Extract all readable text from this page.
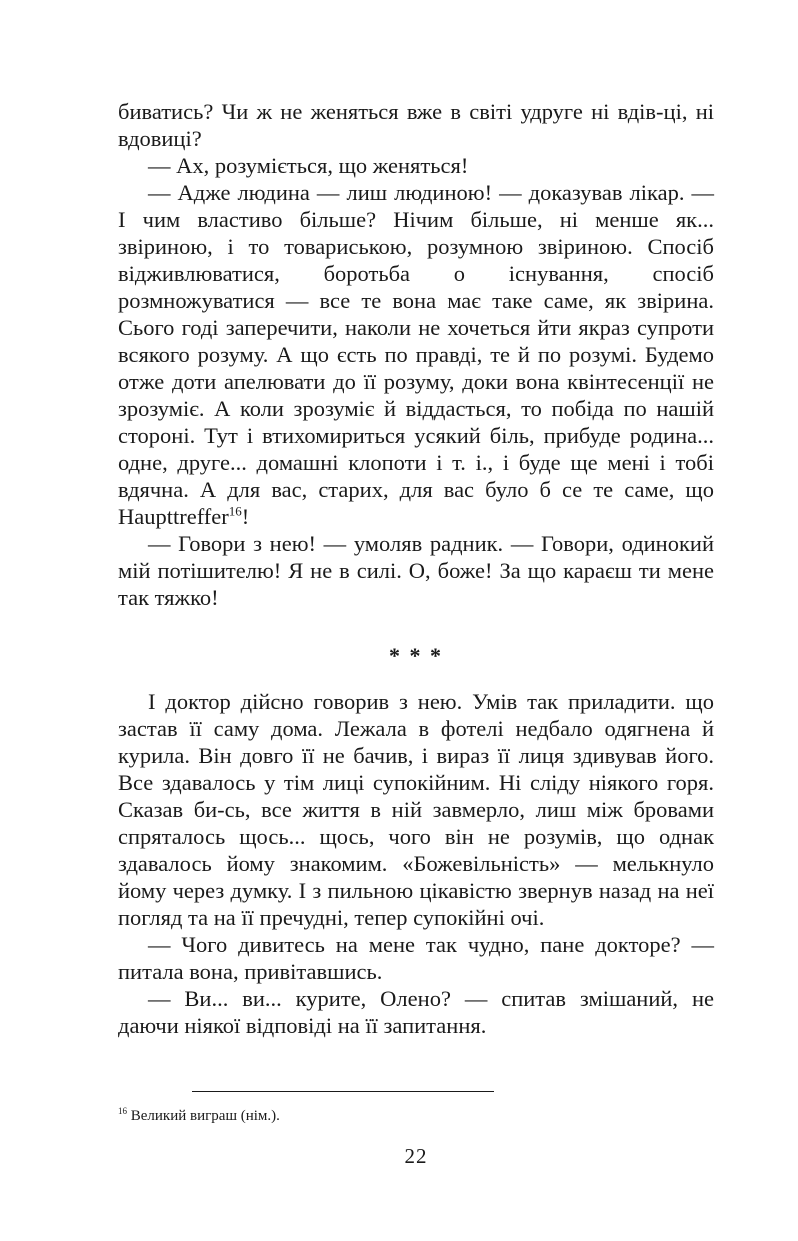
биватись? Чи ж не женяться вже в світі удруге ні вдів-ці, ні вдовиці?

— Ах, розуміється, що женяться!

— Адже людина — лиш людиною! — доказував лікар. — І чим властиво більше? Нічим більше, ні менше як... звіриною, і то товариською, розумною звіриною. Спосіб відживлюватися, боротьба о існування, спосіб розмножуватися — все те вона має таке саме, як звірина. Сього годі заперечити, наколи не хочеться йти якраз супроти всякого розуму. А що єсть по правді, те й по розумі. Будемо отже доти апелювати до її розуму, доки вона квінтесенції не зрозуміє. А коли зрозуміє й віддасться, то побіда по нашій стороні. Тут і втихомириться усякий біль, прибуде родина... одне, друге... домашні клопоти і т. і., і буде ще мені і тобі вдячна. А для вас, старих, для вас було б се те саме, що Haupttreffer$^{16}$!

— Говори з нею! — умоляв радник. — Говори, одинокий мій потішителю! Я не в силі. О, боже! За що караєш ти мене так тяжко!

* * *

І доктор дійсно говорив з нею. Умів так приладити. що застав її саму дома. Лежала в фотелі недбало одягнена й курила. Він довго її не бачив, і вираз її лиця здивував його. Все здавалось у тім лиці супокійним. Ні сліду ніякого горя. Сказав би-сь, все життя в ній завмерло, лиш між бровами спряталось щось... щось, чого він не розумів, що однак здавалось йому знакомим. «Божевільність» — мелькнуло йому через думку. І з пильною цікавістю звернув назад на неї погляд та на її пречудні, тепер супокійні очі.

— Чого дивитесь на мене так чудно, пане докторе? — питала вона, привітавшись.

— Ви... ви... курите, Олено? — спитав змішаний, не даючи ніякої відповіді на її запитання.

$^{16}$ Великий виграш (нім.).
22
